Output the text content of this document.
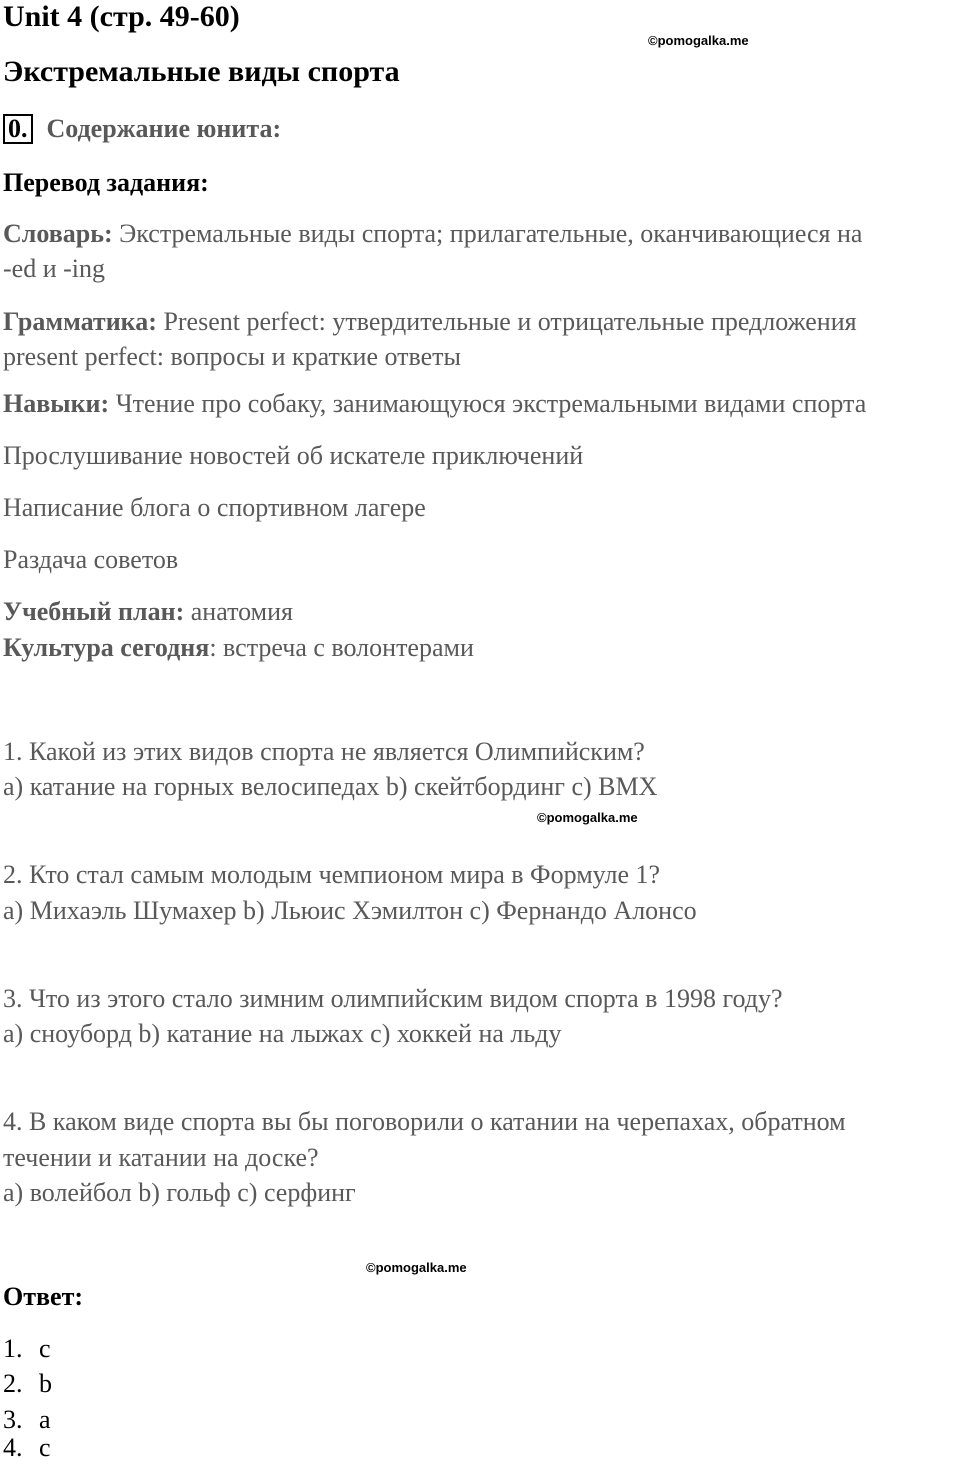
Unit 4 (стр. 49-60)
©pomogalka.me
Экстремальные виды спорта
0. Содержание юнита:
Перевод задания:
Словарь: Экстремальные виды спорта; прилагательные, оканчивающиеся на
-ed и -ing
Грамматика: Present perfect: утвердительные и отрицательные предложения
present perfect: вопросы и краткие ответы
Навыки: Чтение про собаку, занимающуюся экстремальными видами спорта
Прослушивание новостей об искателе приключений
Написание блога о спортивном лагере
Раздача советов
Учебный план: анатомия
Культура сегодня: встреча с волонтерами
1. Какой из этих видов спорта не является Олимпийским?
a) катание на горных велосипедах b) скейтбординг c) BMX
©pomogalka.me
2. Кто стал самым молодым чемпионом мира в Формуле 1?
a) Михаэль Шумахер b) Льюис Хэмилтон c) Фернандо Алонсо
3. Что из этого стало зимним олимпийским видом спорта в 1998 году?
a) сноуборд b) катание на лыжах c) хоккей на льду
4. В каком виде спорта вы бы поговорили о катании на черепахах, обратном
течении и катании на доске?
a) волейбол b) гольф c) серфинг
©pomogalka.me
Ответ:
1. c
2. b
3. a
4. c
